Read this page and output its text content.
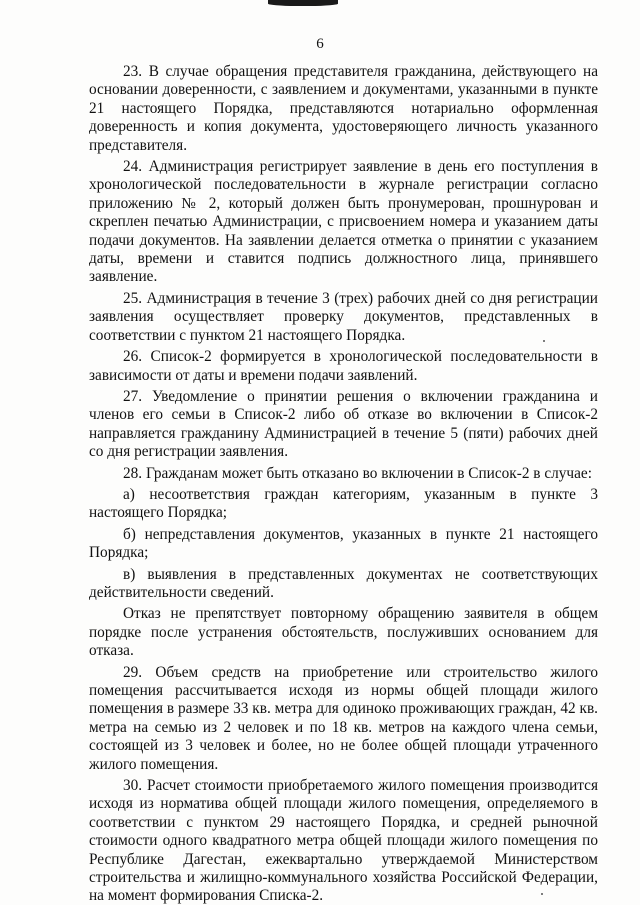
6

23. В случае обращения представителя гражданина, действующего на основании доверенности, с заявлением и документами, указанными в пункте 21 настоящего Порядка, представляются нотариально оформленная доверенность и копия документа, удостоверяющего личность указанного представителя.

24. Администрация регистрирует заявление в день его поступления в хронологической последовательности в журнале регистрации согласно приложению № 2, который должен быть пронумерован, прошнурован и скреплен печатью Администрации, с присвоением номера и указанием даты подачи документов. На заявлении делается отметка о принятии с указанием даты, времени и ставится подпись должностного лица, принявшего заявление.

25. Администрация в течение 3 (трех) рабочих дней со дня регистрации заявления осуществляет проверку документов, представленных в соответствии с пунктом 21 настоящего Порядка.

26. Список-2 формируется в хронологической последовательности в зависимости от даты и времени подачи заявлений.

27. Уведомление о принятии решения о включении гражданина и членов его семьи в Список-2 либо об отказе во включении в Список-2 направляется гражданину Администрацией в течение 5 (пяти) рабочих дней со дня регистрации заявления.

28. Гражданам может быть отказано во включении в Список-2 в случае:

а) несоответствия граждан категориям, указанным в пункте 3 настоящего Порядка;

б) непредставления документов, указанных в пункте 21 настоящего Порядка;

в) выявления в представленных документах не соответствующих действительности сведений.

Отказ не препятствует повторному обращению заявителя в общем порядке после устранения обстоятельств, послуживших основанием для отказа.

29. Объем средств на приобретение или строительство жилого помещения рассчитывается исходя из нормы общей площади жилого помещения в размере 33 кв. метра для одиноко проживающих граждан, 42 кв. метра на семью из 2 человек и по 18 кв. метров на каждого члена семьи, состоящей из 3 человек и более, но не более общей площади утраченного жилого помещения.

30. Расчет стоимости приобретаемого жилого помещения производится исходя из норматива общей площади жилого помещения, определяемого в соответствии с пунктом 29 настоящего Порядка, и средней рыночной стоимости одного квадратного метра общей площади жилого помещения по Республике Дагестан, ежеквартально утверждаемой Министерством строительства и жилищно-коммунального хозяйства Российской Федерации, на момент формирования Списка-2.
